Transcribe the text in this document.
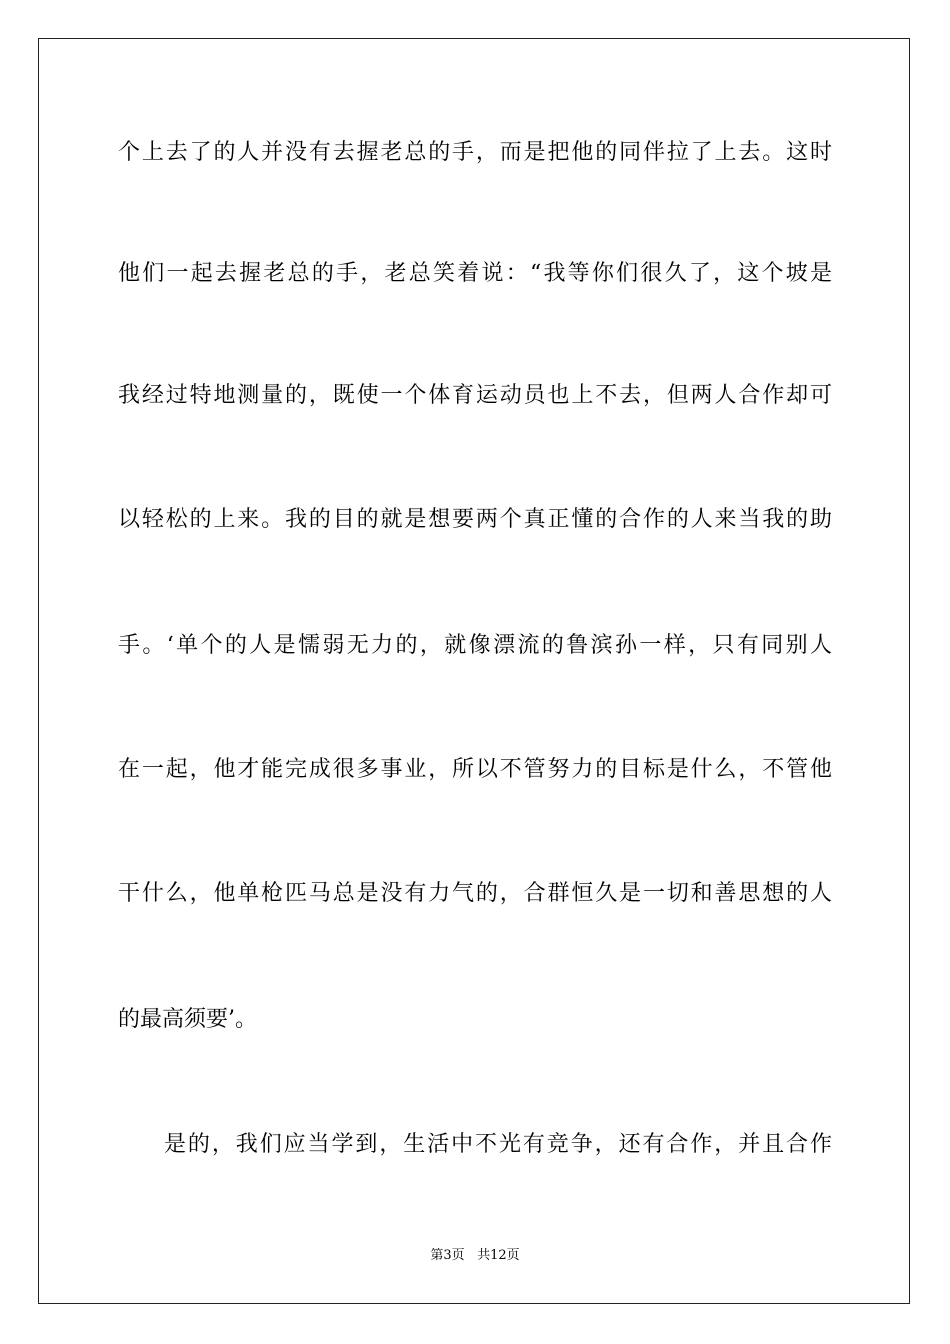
个上去了的人并没有去握老总的手，而是把他的同伴拉了上去。这时
他们一起去握老总的手，老总笑着说：“我等你们很久了，这个坡是
我经过特地测量的，既使一个体育运动员也上不去，但两人合作却可
以轻松的上来。我的目的就是想要两个真正懂的合作的人来当我的助
手。‘单个的人是懦弱无力的，就像漂流的鲁滨孙一样，只有同别人
在一起，他才能完成很多事业，所以不管努力的目标是什么，不管他
干什么，他单枪匹马总是没有力气的，合群恒久是一切和善思想的人
的最高须要’。
是的，我们应当学到，生活中不光有竞争，还有合作，并且合作
第3页 共12页
